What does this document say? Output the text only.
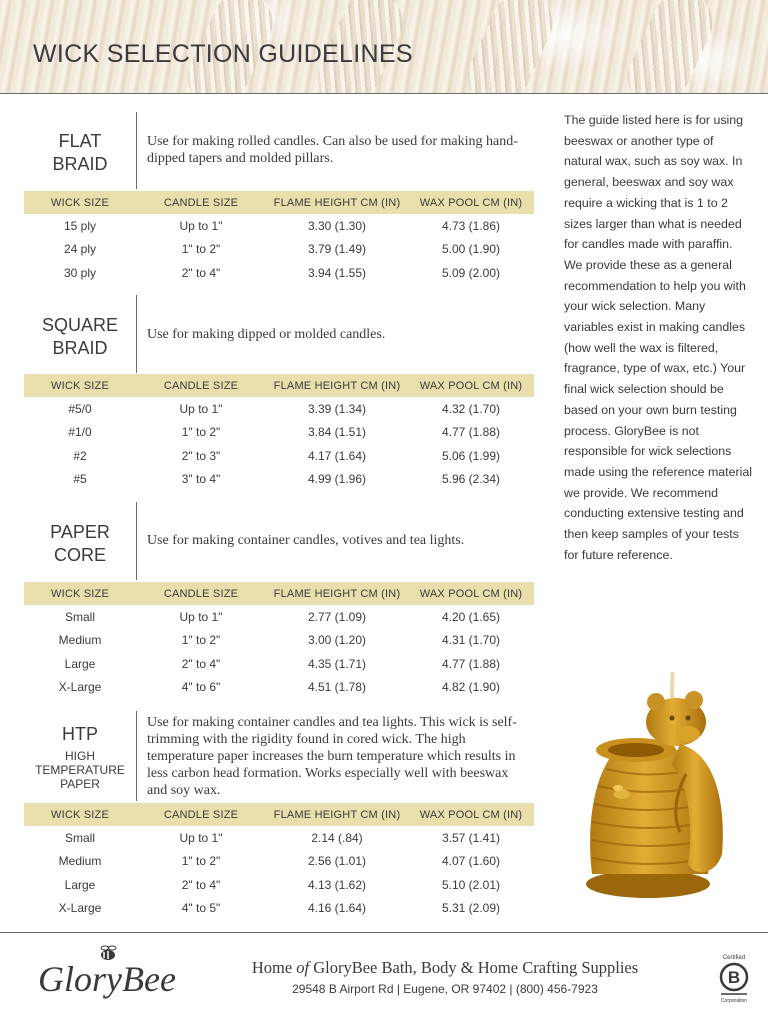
WICK SELECTION GUIDELINES
FLAT
BRAID
Use for making rolled candles. Can also be used for making hand-dipped tapers and molded pillars.
WICK SIZE	CANDLE SIZE	FLAME HEIGHT CM (IN)	WAX POOL CM (IN)
15 ply	Up to 1"	3.30 (1.30)	4.73 (1.86)
24 ply	1" to 2"	3.79 (1.49)	5.00 (1.90)
30 ply	2" to 4"	3.94 (1.55)	5.09 (2.00)
SQUARE
BRAID
Use for making dipped or molded candles.
WICK SIZE	CANDLE SIZE	FLAME HEIGHT CM (IN)	WAX POOL CM (IN)
#5/0	Up to 1"	3.39 (1.34)	4.32 (1.70)
#1/0	1" to 2"	3.84 (1.51)	4.77 (1.88)
#2	2" to 3"	4.17 (1.64)	5.06 (1.99)
#5	3" to 4"	4.99 (1.96)	5.96 (2.34)
PAPER
CORE
Use for making container candles, votives and tea lights.
WICK SIZE	CANDLE SIZE	FLAME HEIGHT CM (IN)	WAX POOL CM (IN)
Small	Up to 1"	2.77 (1.09)	4.20 (1.65)
Medium	1" to 2"	3.00 (1.20)	4.31 (1.70)
Large	2" to 4"	4.35 (1.71)	4.77 (1.88)
X-Large	4" to 6"	4.51 (1.78)	4.82 (1.90)
HTP
HIGH
TEMPERATURE
PAPER
Use for making container candles and tea lights. This wick is self-trimming with the rigidity found in cored wick. The high temperature paper increases the burn temperature which results in less carbon head formation. Works especially well with beeswax and soy wax.
WICK SIZE	CANDLE SIZE	FLAME HEIGHT CM (IN)	WAX POOL CM (IN)
Small	Up to 1"	2.14 (.84)	3.57 (1.41)
Medium	1" to 2"	2.56 (1.01)	4.07 (1.60)
Large	2" to 4"	4.13 (1.62)	5.10 (2.01)
X-Large	4" to 5"	4.16 (1.64)	5.31 (2.09)
The guide listed here is for using beeswax or another type of natural wax, such as soy wax. In general, beeswax and soy wax require a wicking that is 1 to 2 sizes larger than what is needed for candles made with paraffin. We provide these as a general recommendation to help you with your wick selection. Many variables exist in making candles (how well the wax is filtered, fragrance, type of wax, etc.) Your final wick selection should be based on your own burn testing process. GloryBee is not responsible for wick selections made using the reference material we provide. We recommend conducting extensive testing and then keep samples of your tests for future reference.
GloryBee	Home of GloryBee Bath, Body & Home Crafting Supplies
29548 B Airport Rd | Eugene, OR 97402 | (800) 456-7923
Certified
B
Corporation
